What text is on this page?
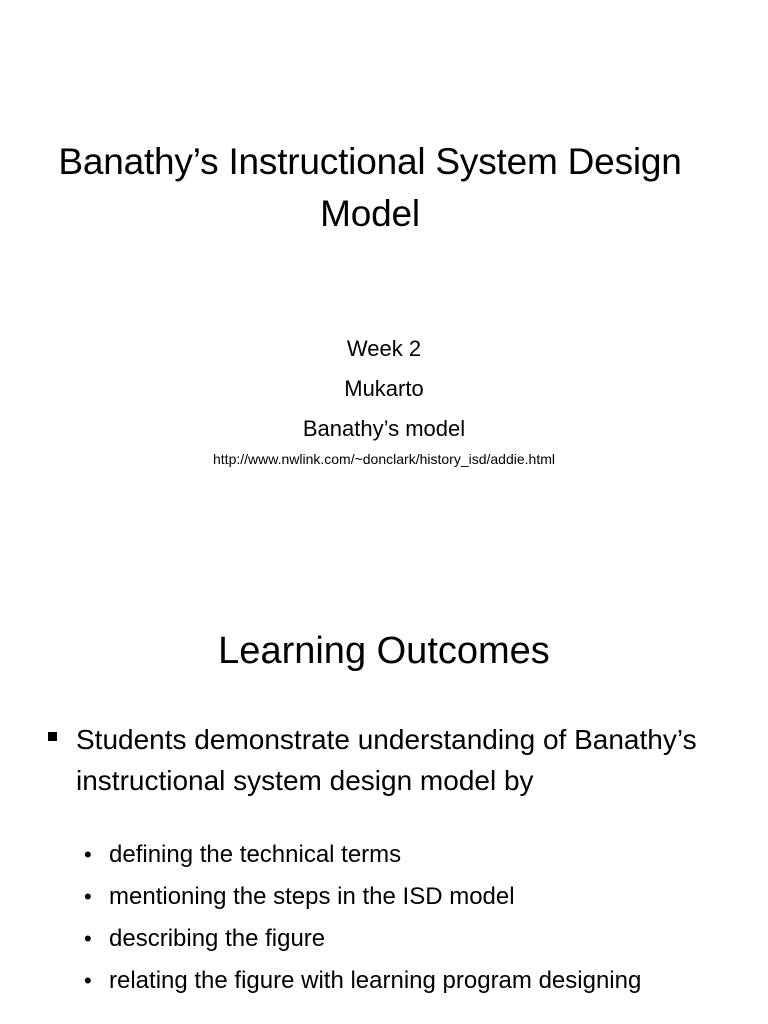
Banathy’s Instructional System Design Model
Week 2
Mukarto
Banathy’s model
http://www.nwlink.com/~donclark/history_isd/addie.html
Learning Outcomes
Students demonstrate understanding of Banathy’s instructional system design model by
• defining the technical terms
• mentioning the steps in the ISD model
• describing the figure
• relating the figure with learning program designing
